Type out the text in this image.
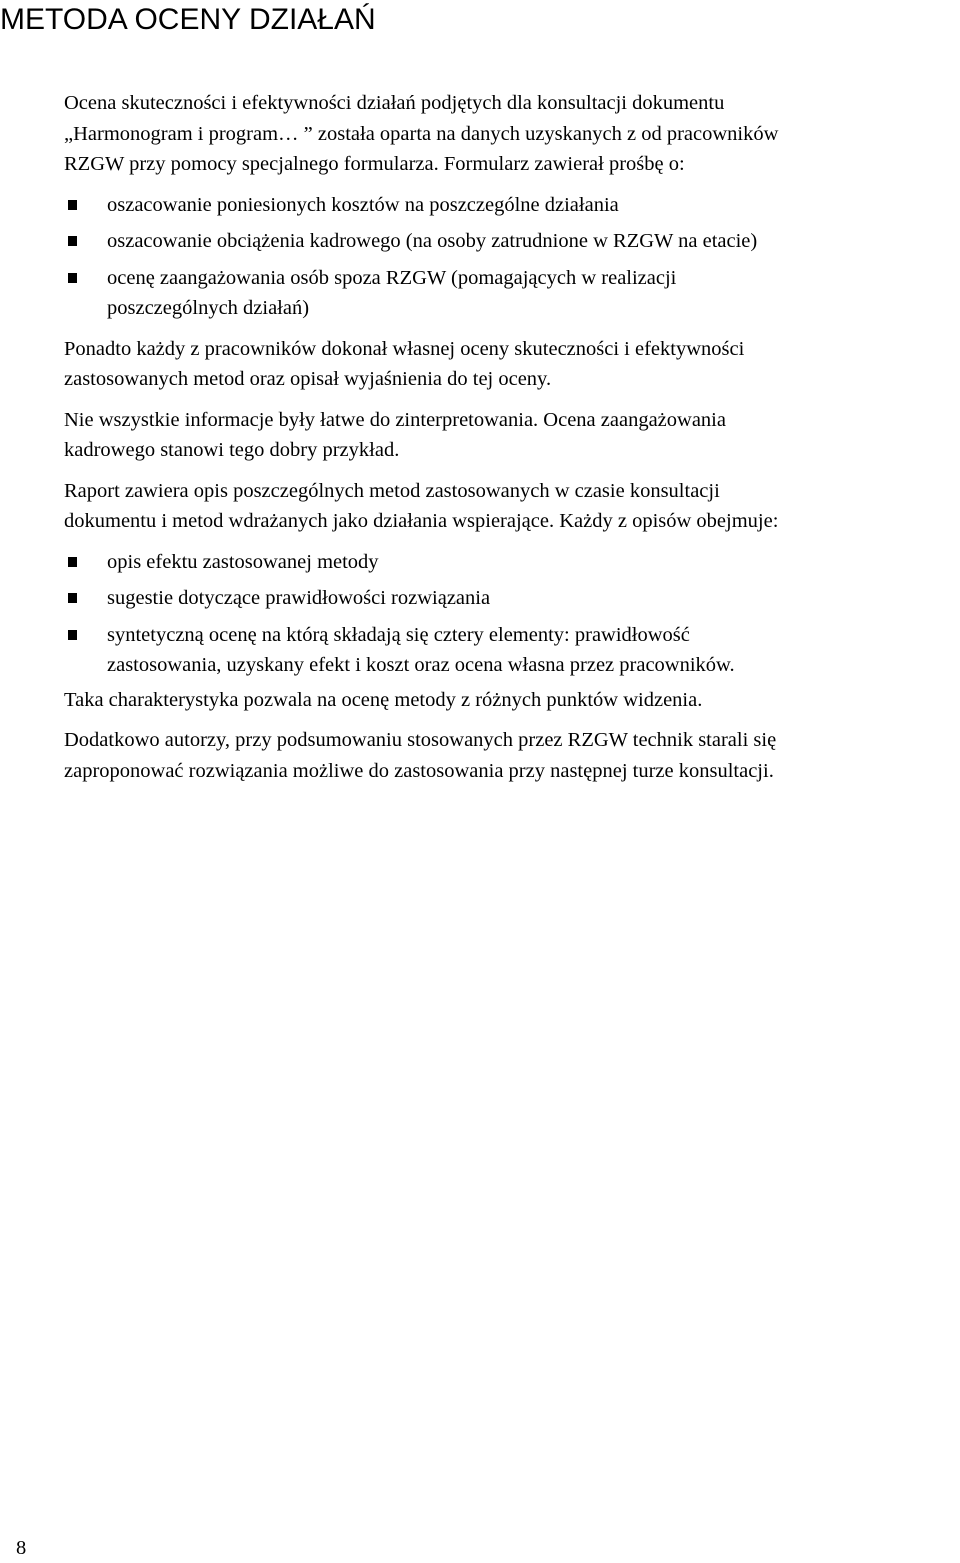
METODA OCENY DZIAŁAŃ

Ocena skuteczności i efektywności działań podjętych dla konsultacji dokumentu
„Harmonogram i program… ” została oparta na danych uzyskanych z od pracowników
RZGW przy pomocy specjalnego formularza. Formularz zawierał prośbę o:

oszacowanie poniesionych kosztów na poszczególne działania
oszacowanie obciążenia kadrowego (na osoby zatrudnione w RZGW na etacie)
ocenę zaangażowania osób spoza RZGW (pomagających w realizacji
poszczególnych działań)

Ponadto każdy z pracowników dokonał własnej oceny skuteczności i efektywności
zastosowanych metod oraz opisał wyjaśnienia do tej oceny.

Nie wszystkie informacje były łatwe do zinterpretowania. Ocena zaangażowania
kadrowego stanowi tego dobry przykład.

Raport zawiera opis poszczególnych metod zastosowanych w czasie konsultacji
dokumentu i metod wdrażanych jako działania wspierające. Każdy z opisów obejmuje:

opis efektu zastosowanej metody
sugestie dotyczące prawidłowości rozwiązania
syntetyczną ocenę na którą składają się cztery elementy: prawidłowość
zastosowania, uzyskany efekt i koszt oraz ocena własna przez pracowników.

Taka charakterystyka pozwala na ocenę metody z różnych punktów widzenia.

Dodatkowo autorzy, przy podsumowaniu stosowanych przez RZGW technik starali się
zaproponować rozwiązania możliwe do zastosowania przy następnej turze konsultacji.

8
